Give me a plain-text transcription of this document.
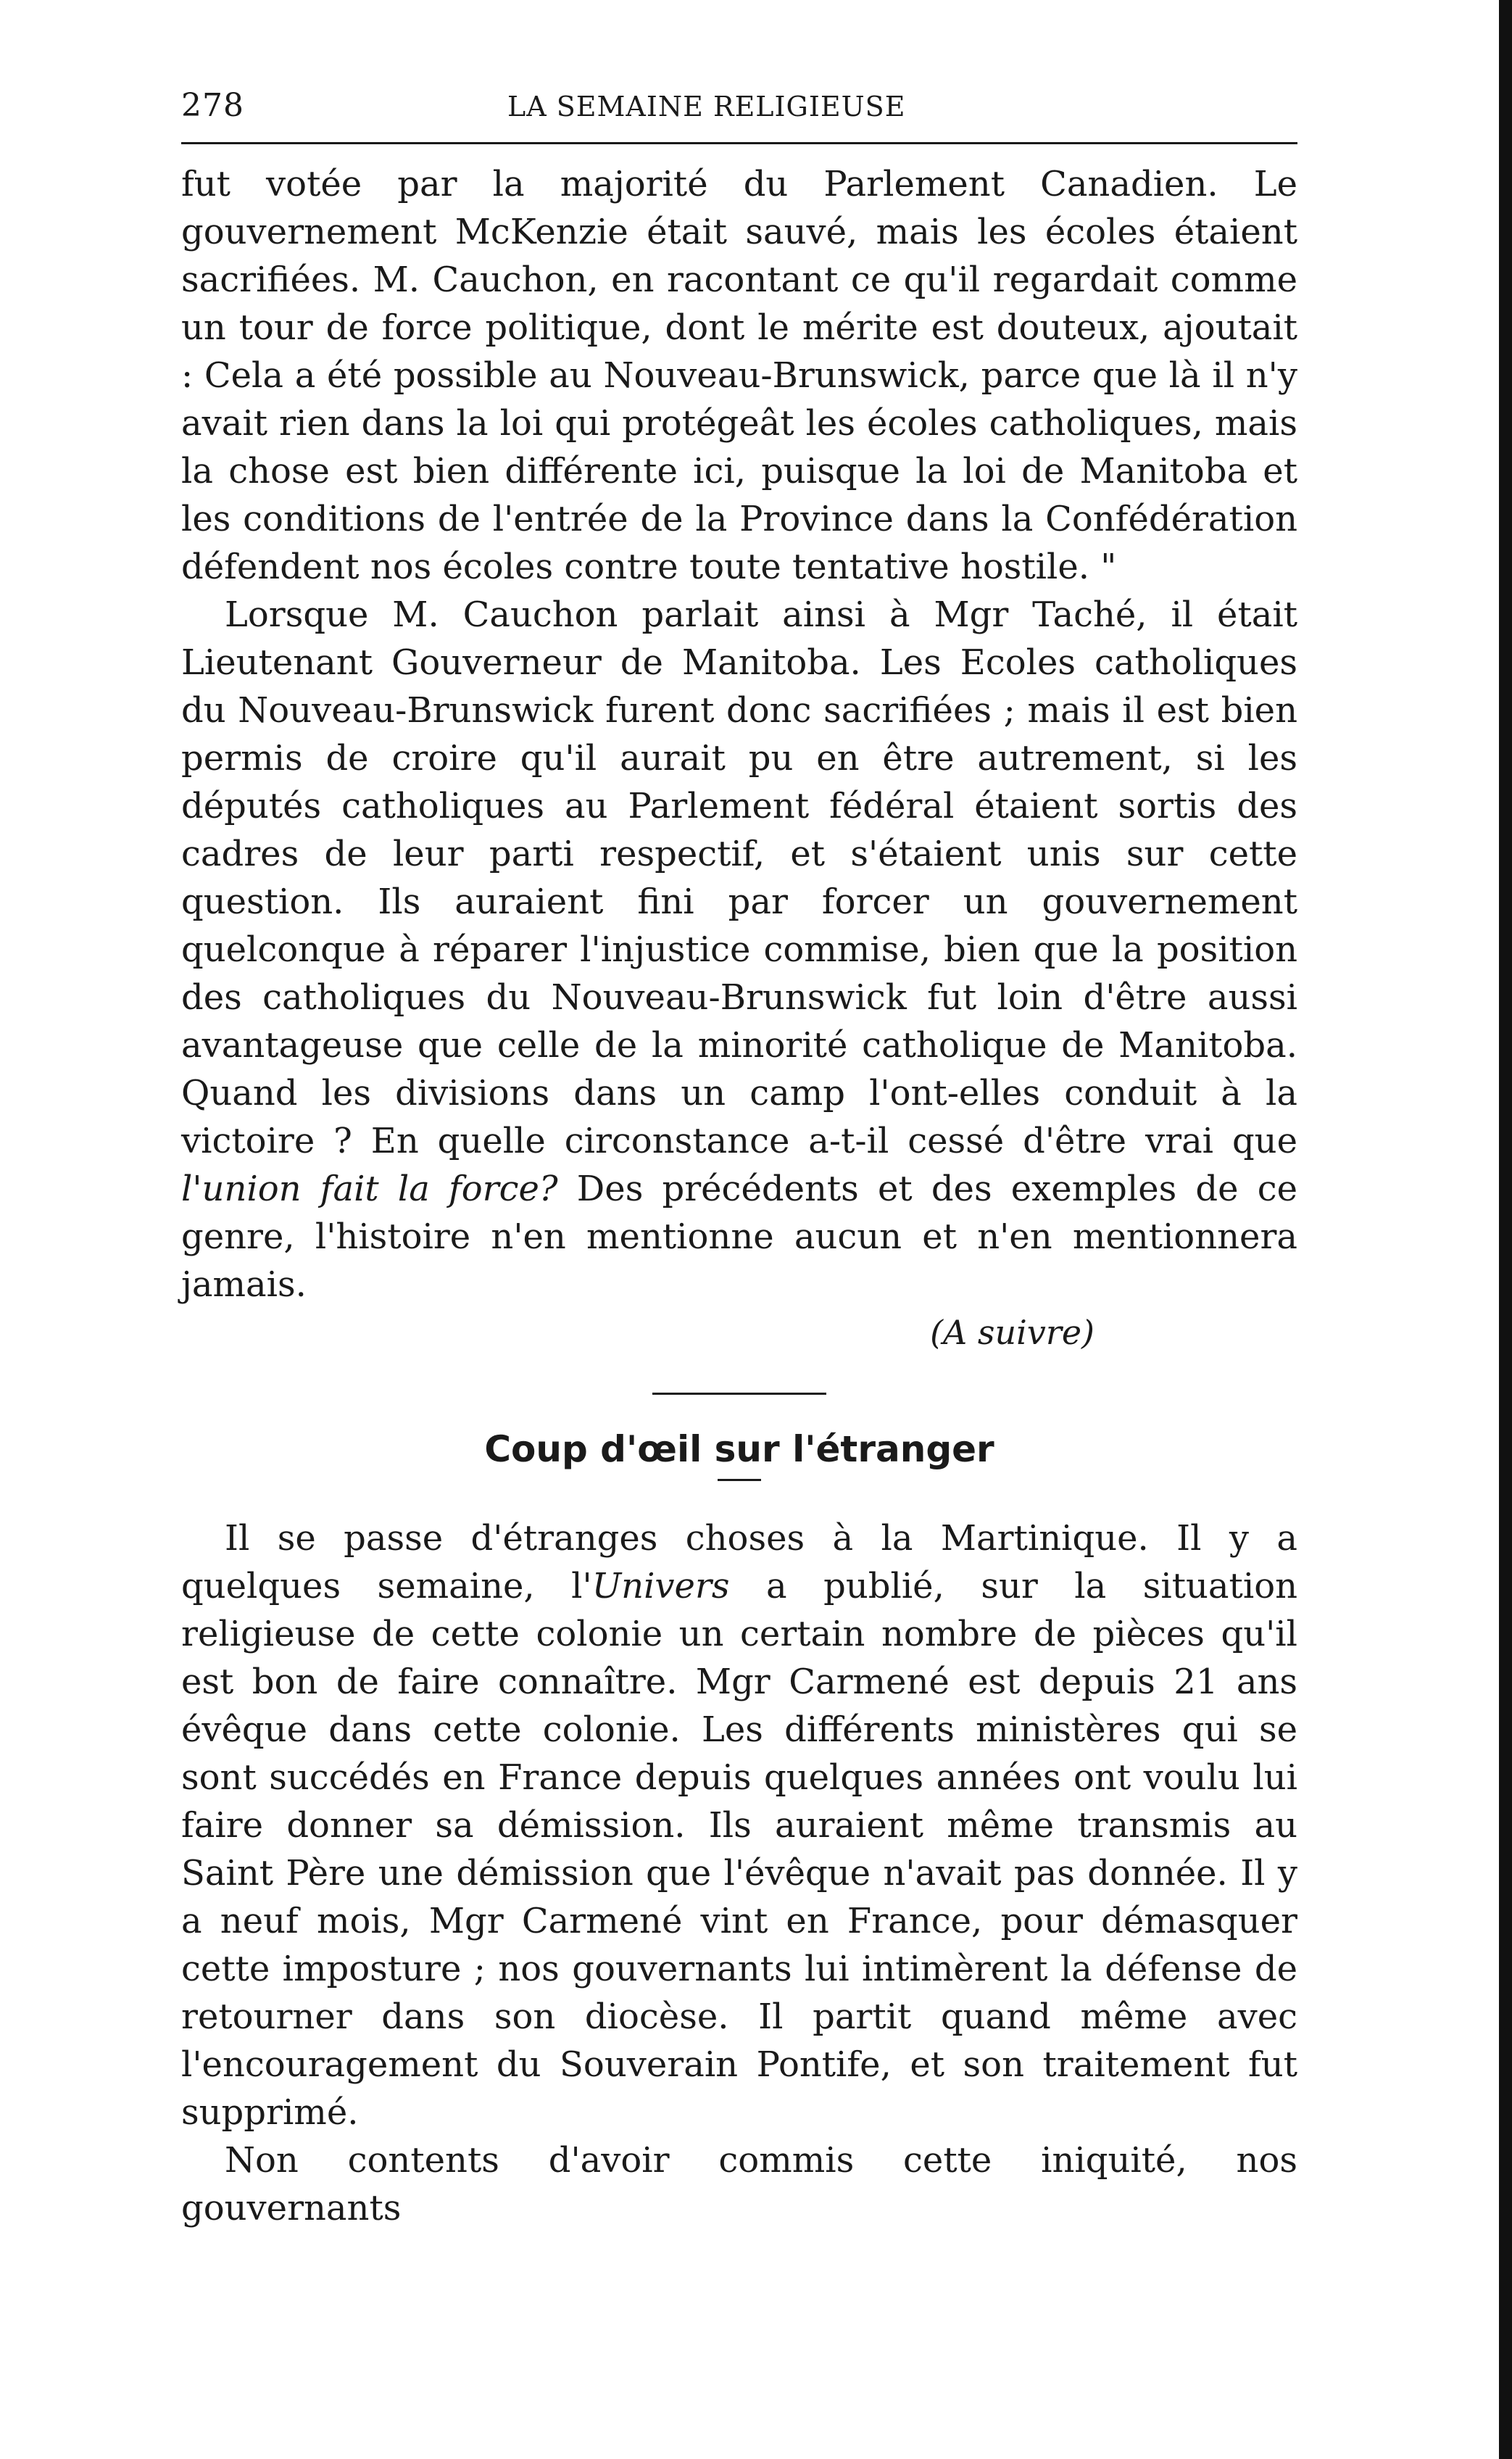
278	LA SEMAINE RELIGIEUSE

fut votée par la majorité du Parlement Canadien. Le gouvernement McKenzie était sauvé, mais les écoles étaient sacrifiées. M. Cauchon, en racontant ce qu'il regardait comme un tour de force politique, dont le mérite est douteux, ajoutait : Cela a été possible au Nouveau-Brunswick, parce que là il n'y avait rien dans la loi qui protégeât les écoles catholiques, mais la chose est bien différente ici, puisque la loi de Manitoba et les conditions de l'entrée de la Province dans la Confédération défendent nos écoles contre toute tentative hostile. "

Lorsque M. Cauchon parlait ainsi à Mgr Taché, il était Lieutenant Gouverneur de Manitoba. Les Ecoles catholiques du Nouveau-Brunswick furent donc sacrifiées ; mais il est bien permis de croire qu'il aurait pu en être autrement, si les députés catholiques au Parlement fédéral étaient sortis des cadres de leur parti respectif, et s'étaient unis sur cette question. Ils auraient fini par forcer un gouvernement quelconque à réparer l'injustice commise, bien que la position des catholiques du Nouveau-Brunswick fut loin d'être aussi avantageuse que celle de la minorité catholique de Manitoba. Quand les divisions dans un camp l'ont-elles conduit à la victoire ? En quelle circonstance a-t-il cessé d'être vrai que l'union fait la force? Des précédents et des exemples de ce genre, l'histoire n'en mentionne aucun et n'en mentionnera jamais.

(A suivre)

Coup d'œil sur l'étranger

Il se passe d'étranges choses à la Martinique. Il y a quelques semaine, l'Univers a publié, sur la situation religieuse de cette colonie un certain nombre de pièces qu'il est bon de faire connaître. Mgr Carmené est depuis 21 ans évêque dans cette colonie. Les différents ministères qui se sont succédés en France depuis quelques années ont voulu lui faire donner sa démission. Ils auraient même transmis au Saint Père une démission que l'évêque n'avait pas donnée. Il y a neuf mois, Mgr Carmené vint en France, pour démasquer cette imposture ; nos gouvernants lui intimèrent la défense de retourner dans son diocèse. Il partit quand même avec l'encouragement du Souverain Pontife, et son traitement fut supprimé.

Non contents d'avoir commis cette iniquité, nos gouvernants
